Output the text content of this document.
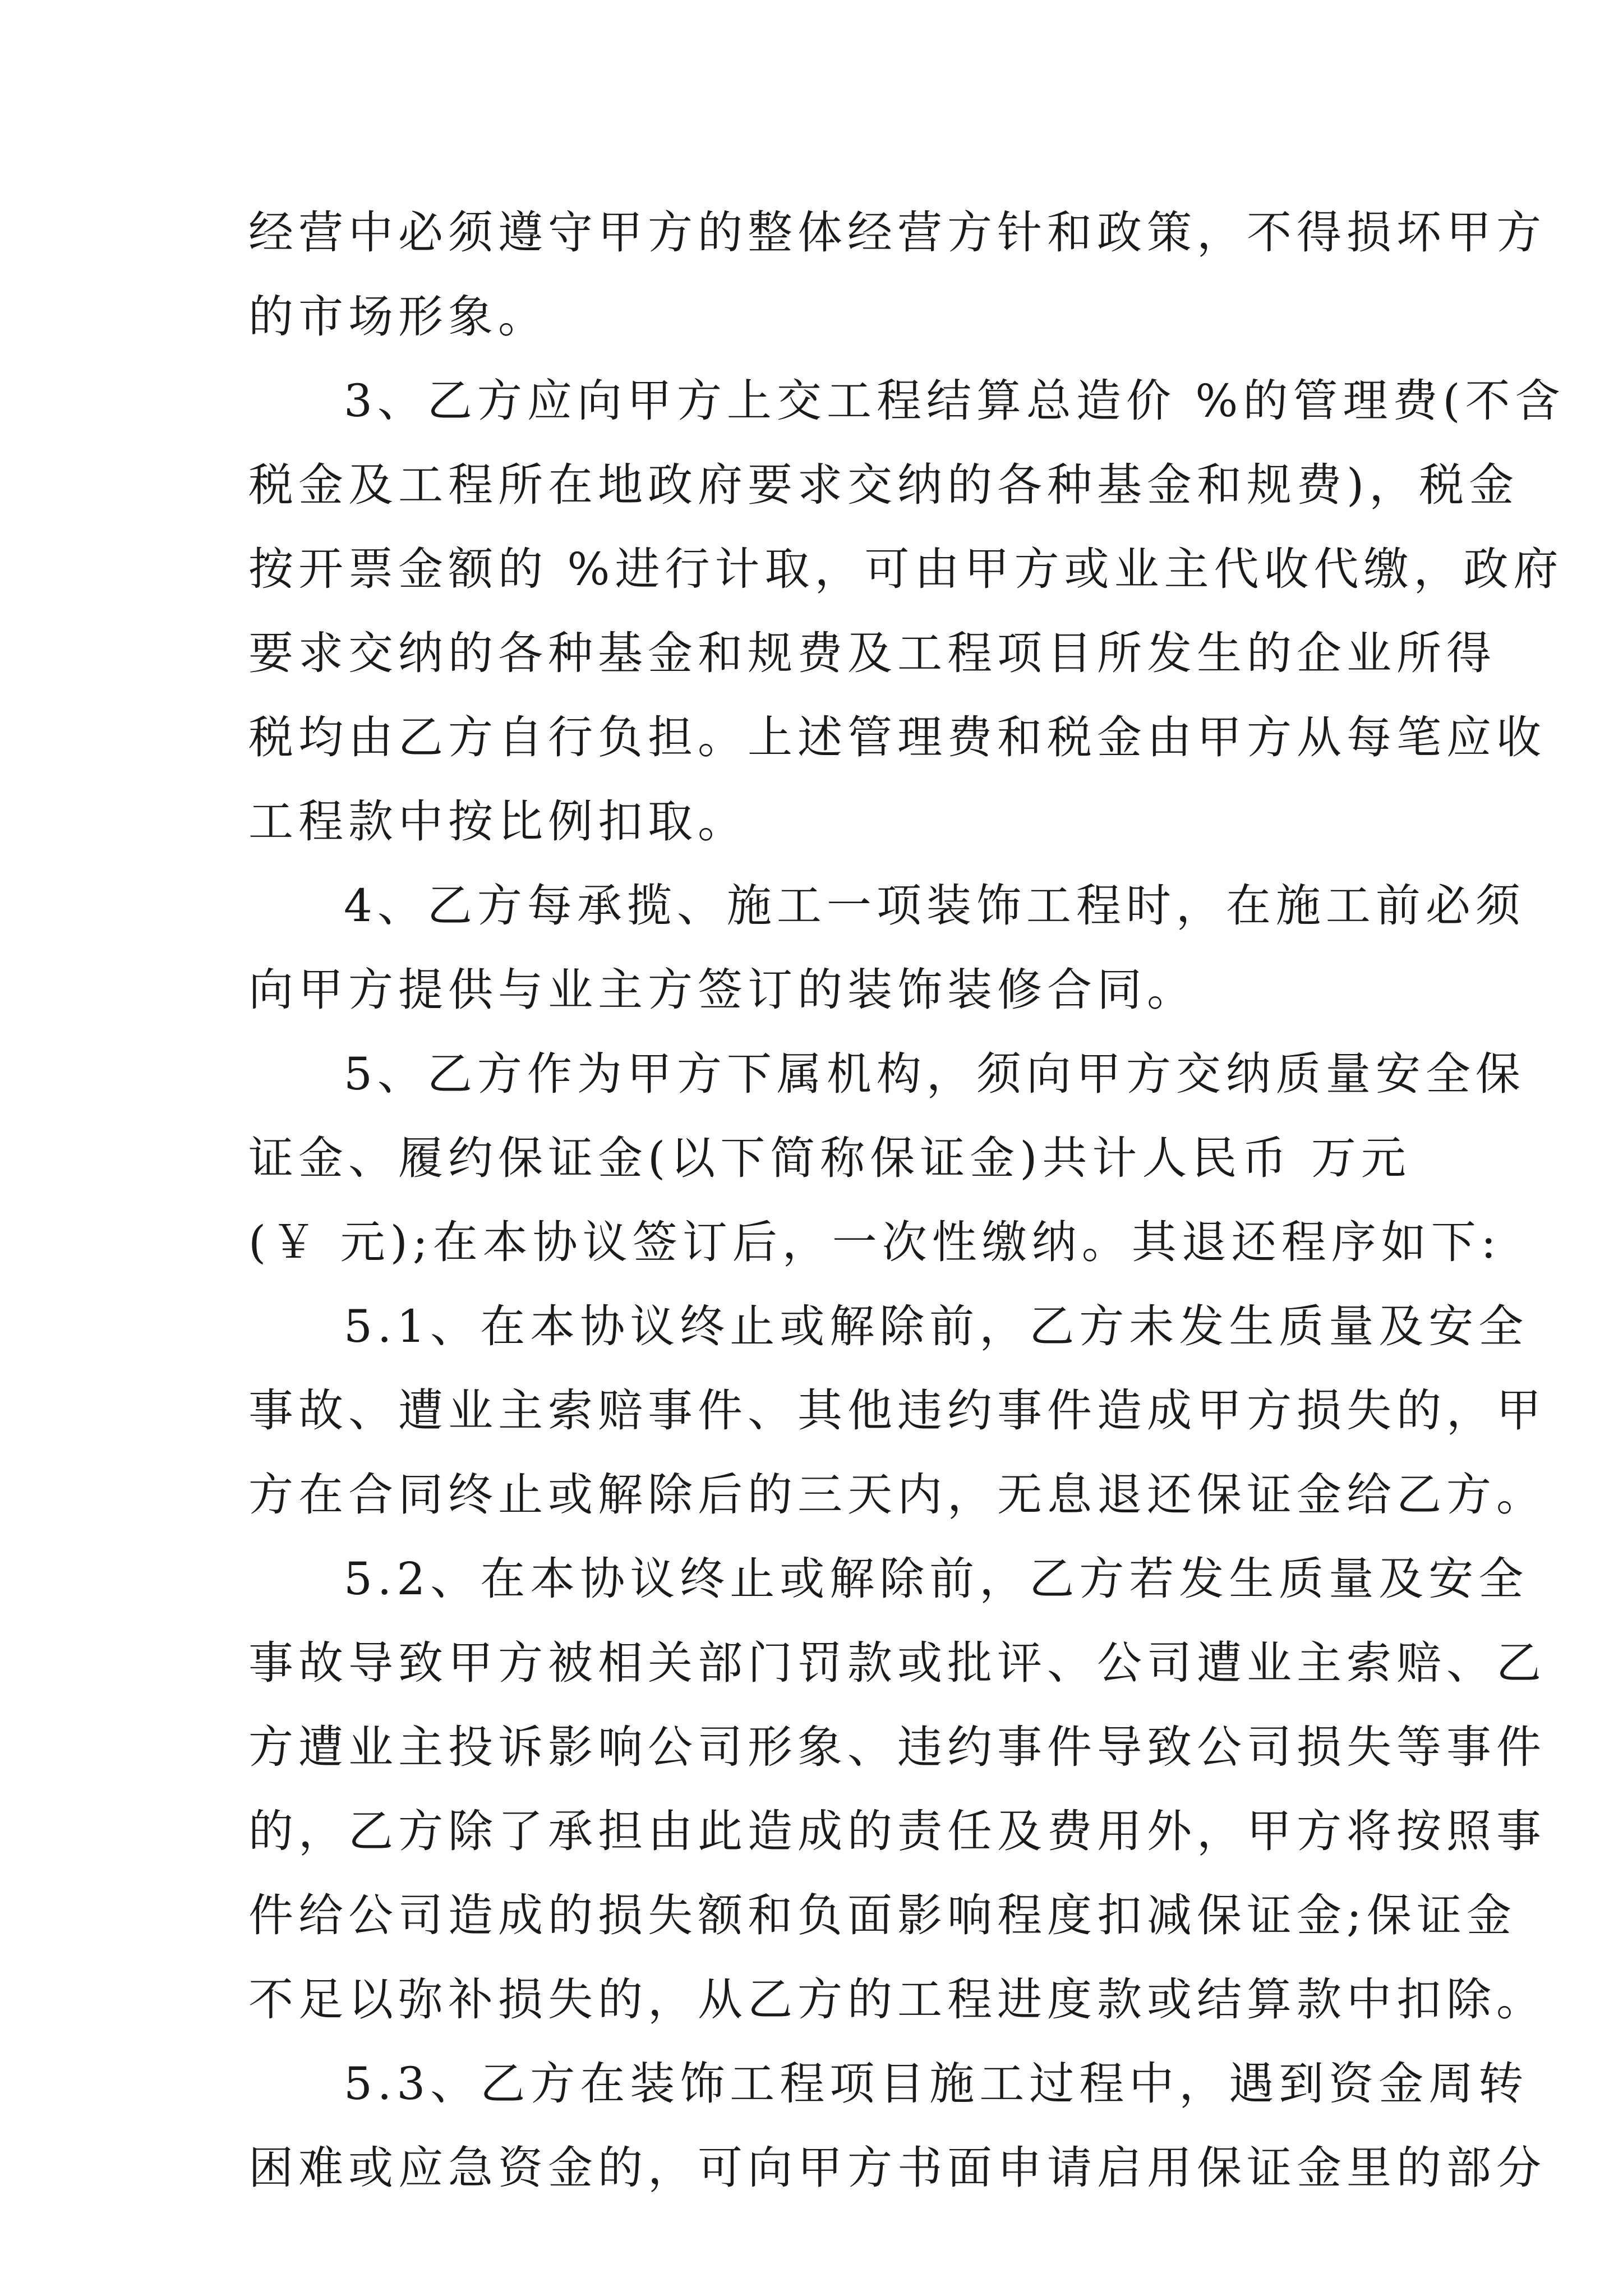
经营中必须遵守甲方的整体经营方针和政策，不得损坏甲方
的市场形象。
3、乙方应向甲方上交工程结算总造价 %的管理费(不含
税金及工程所在地政府要求交纳的各种基金和规费)，税金
按开票金额的 %进行计取，可由甲方或业主代收代缴，政府
要求交纳的各种基金和规费及工程项目所发生的企业所得
税均由乙方自行负担。上述管理费和税金由甲方从每笔应收
工程款中按比例扣取。
4、乙方每承揽、施工一项装饰工程时，在施工前必须
向甲方提供与业主方签订的装饰装修合同。
5、乙方作为甲方下属机构，须向甲方交纳质量安全保
证金、履约保证金(以下简称保证金)共计人民币 万元
(￥ 元);在本协议签订后，一次性缴纳。其退还程序如下:
5.1、在本协议终止或解除前，乙方未发生质量及安全
事故、遭业主索赔事件、其他违约事件造成甲方损失的，甲
方在合同终止或解除后的三天内，无息退还保证金给乙方。
5.2、在本协议终止或解除前，乙方若发生质量及安全
事故导致甲方被相关部门罚款或批评、公司遭业主索赔、乙
方遭业主投诉影响公司形象、违约事件导致公司损失等事件
的，乙方除了承担由此造成的责任及费用外，甲方将按照事
件给公司造成的损失额和负面影响程度扣减保证金;保证金
不足以弥补损失的，从乙方的工程进度款或结算款中扣除。
5.3、乙方在装饰工程项目施工过程中，遇到资金周转
困难或应急资金的，可向甲方书面申请启用保证金里的部分
